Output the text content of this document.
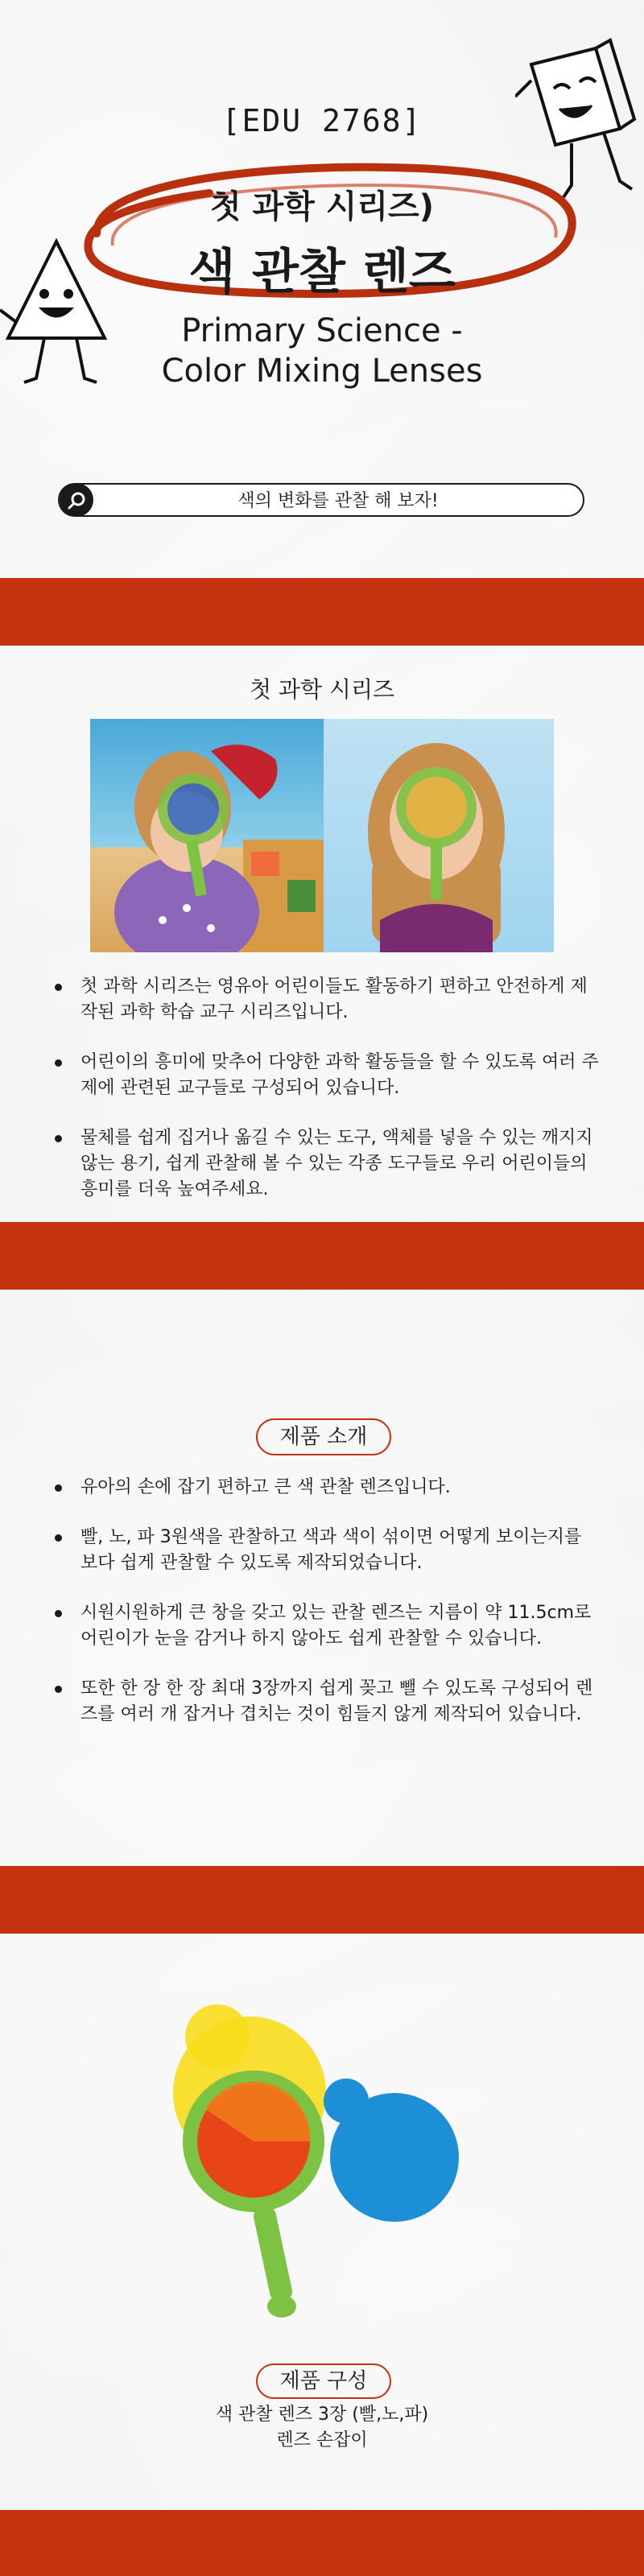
[EDU 2768]
첫 과학 시리즈)
색 관찰 렌즈
Primary Science -
Color Mixing Lenses
색의 변화를 관찰 해 보자!
첫 과학 시리즈
첫 과학 시리즈는 영유아 어린이들도 활동하기 편하고 안전하게 제작된 과학 학습 교구 시리즈입니다.
어린이의 흥미에 맞추어 다양한 과학 활동들을 할 수 있도록 여러 주제에 관련된 교구들로 구성되어 있습니다.
물체를 쉽게 집거나 옮길 수 있는 도구, 액체를 넣을 수 있는 깨지지 않는 용기, 쉽게 관찰해 볼 수 있는 각종 도구들로 우리 어린이들의 흥미를 더욱 높여주세요.
제품 소개
유아의 손에 잡기 편하고 큰 색 관찰 렌즈입니다.
빨, 노, 파 3원색을 관찰하고 색과 색이 섞이면 어떻게 보이는지를 보다 쉽게 관찰할 수 있도록 제작되었습니다.
시원시원하게 큰 창을 갖고 있는 관찰 렌즈는 지름이 약 11.5cm로 어린이가 눈을 감거나 하지 않아도 쉽게 관찰할 수 있습니다.
또한 한 장 한 장 최대 3장까지 쉽게 꽂고 뺄 수 있도록 구성되어 렌즈를 여러 개 잡거나 겹치는 것이 힘들지 않게 제작되어 있습니다.
제품 구성
색 관찰 렌즈 3장 (빨,노,파)
렌즈 손잡이
